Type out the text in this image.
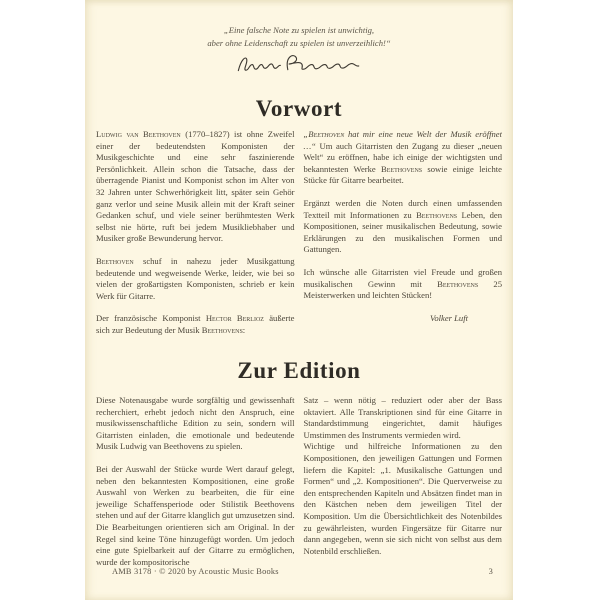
„Eine falsche Note zu spielen ist unwichtig,
aber ohne Leidenschaft zu spielen ist unverzeihlich!“
Vorwort

Ludwig van Beethoven (1770–1827) ist ohne Zweifel einer der bedeutendsten Komponisten der Musikgeschichte und eine sehr faszinierende Persönlichkeit. Allein schon die Tatsache, dass der überragende Pianist und Komponist schon im Alter von 32 Jahren unter Schwerhörigkeit litt, später sein Gehör ganz verlor und seine Musik allein mit der Kraft seiner Gedanken schuf, und viele seiner berühmtesten Werk selbst nie hörte, ruft bei jedem Musikliebhaber und Musiker große Bewunderung hervor.

Beethoven schuf in nahezu jeder Musikgattung bedeutende und wegweisende Werke, leider, wie bei so vielen der großartigsten Komponisten, schrieb er kein Werk für Gitarre.

Der französische Komponist Hector Berlioz äußerte sich zur Bedeutung der Musik Beethovens:

„Beethoven hat mir eine neue Welt der Musik eröffnet …“ Um auch Gitarristen den Zugang zu dieser „neuen Welt“ zu eröffnen, habe ich einige der wichtigsten und bekanntesten Werke Beethovens sowie einige leichte Stücke für Gitarre bearbeitet.

Ergänzt werden die Noten durch einen umfassenden Textteil mit Informationen zu Beethovens Leben, den Kompositionen, seiner musikalischen Bedeutung, sowie Erklärungen zu den musikalischen Formen und Gattungen.

Ich wünsche alle Gitarristen viel Freude und großen musikalischen Gewinn mit Beethovens 25 Meisterwerken und leichten Stücken!

Volker Luft
Zur Edition

Diese Notenausgabe wurde sorgfältig und gewissenhaft recherchiert, erhebt jedoch nicht den Anspruch, eine musikwissenschaftliche Edition zu sein, sondern will Gitarristen einladen, die emotionale und bedeutende Musik Ludwig van Beethovens zu spielen.

Bei der Auswahl der Stücke wurde Wert darauf gelegt, neben den bekanntesten Kompositionen, eine große Auswahl von Werken zu bearbeiten, die für eine jeweilige Schaffensperiode oder Stilistik Beethovens stehen und auf der Gitarre klanglich gut umzusetzen sind. Die Bearbeitungen orientieren sich am Original. In der Regel sind keine Töne hinzugefügt worden. Um jedoch eine gute Spielbarkeit auf der Gitarre zu ermöglichen, wurde der kompositorische

Satz – wenn nötig – reduziert oder aber der Bass oktaviert. Alle Transkriptionen sind für eine Gitarre in Standardstimmung eingerichtet, damit häufiges Umstimmen des Instruments vermieden wird.

Wichtige und hilfreiche Informationen zu den Kompositionen, den jeweiligen Gattungen und Formen liefern die Kapitel: „1. Musikalische Gattungen und Formen“ und „2. Kompositionen“. Die Querverweise zu den entsprechenden Kapiteln und Absätzen findet man in den Kästchen neben dem jeweiligen Titel der Komposition. Um die Übersichtlichkeit des Notenbildes zu gewährleisten, wurden Fingersätze für Gitarre nur dann angegeben, wenn sie sich nicht von selbst aus dem Notenbild erschließen.

AMB 3178 · © 2020 by Acoustic Music Books	3
